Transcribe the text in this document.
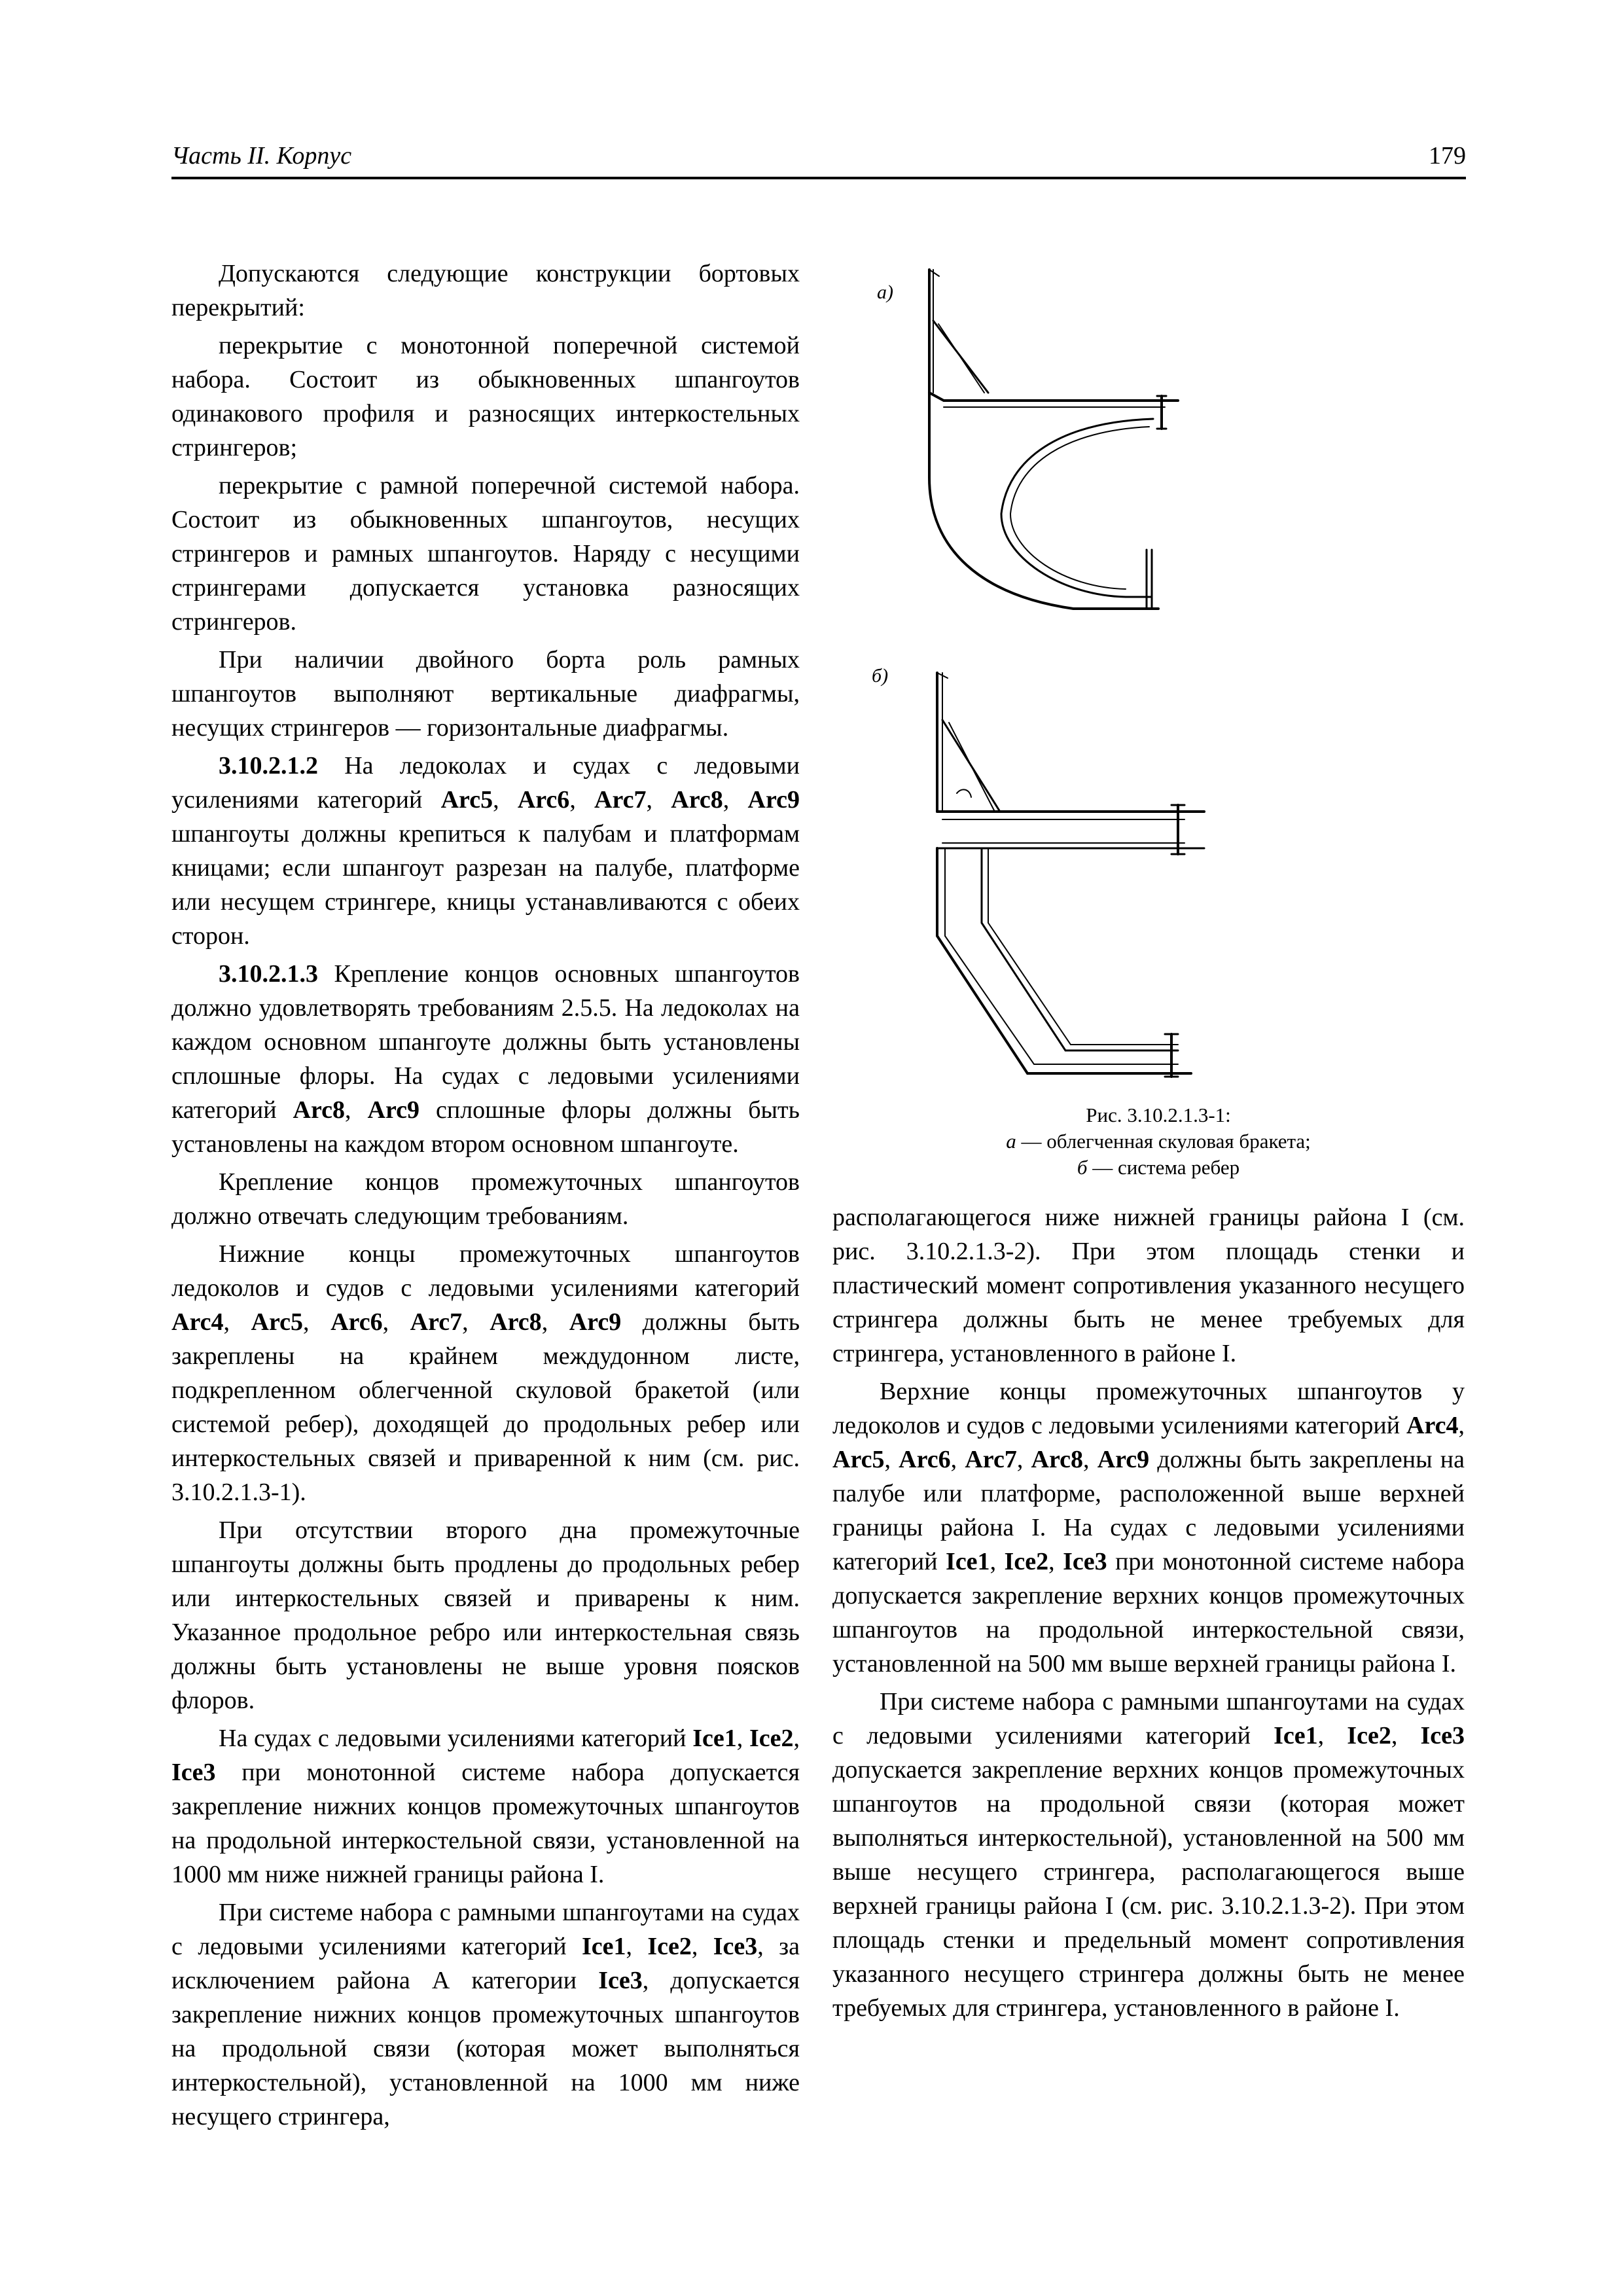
Часть II. Корпус	179

Допускаются следующие конструкции бортовых перекрытий:

перекрытие с монотонной поперечной системой набора. Состоит из обыкновенных шпангоутов одинакового профиля и разносящих интеркостельных стрингеров;

перекрытие с рамной поперечной системой набора. Состоит из обыкновенных шпангоутов, несущих стрингеров и рамных шпангоутов. Наряду с несущими стрингерами допускается установка разносящих стрингеров.

При наличии двойного борта роль рамных шпангоутов выполняют вертикальные диафрагмы, несущих стрингеров — горизонтальные диафрагмы.

3.10.2.1.2 На ледоколах и судах с ледовыми усилениями категорий Arc5, Arc6, Arc7, Arc8, Arc9 шпангоуты должны крепиться к палубам и платформам кницами; если шпангоут разрезан на палубе, платформе или несущем стрингере, кницы устанавливаются с обеих сторон.

3.10.2.1.3 Крепление концов основных шпангоутов должно удовлетворять требованиям 2.5.5. На ледоколах на каждом основном шпангоуте должны быть установлены сплошные флоры. На судах с ледовыми усилениями категорий Arc8, Arc9 сплошные флоры должны быть установлены на каждом втором основном шпангоуте.

Крепление концов промежуточных шпангоутов должно отвечать следующим требованиям.

Нижние концы промежуточных шпангоутов ледоколов и судов с ледовыми усилениями категорий Arc4, Arc5, Arc6, Arc7, Arc8, Arc9 должны быть закреплены на крайнем междудонном листе, подкрепленном облегченной скуловой бракетой (или системой ребер), доходящей до продольных ребер или интеркостельных связей и приваренной к ним (см. рис. 3.10.2.1.3-1).

При отсутствии второго дна промежуточные шпангоуты должны быть продлены до продольных ребер или интеркостельных связей и приварены к ним. Указанное продольное ребро или интеркостельная связь должны быть установлены не выше уровня поясков флоров.

На судах с ледовыми усилениями категорий Ice1, Ice2, Ice3 при монотонной системе набора допускается закрепление нижних концов промежуточных шпангоутов на продольной интеркостельной связи, установленной на 1000 мм ниже нижней границы района I.

При системе набора с рамными шпангоутами на судах с ледовыми усилениями категорий Ice1, Ice2, Ice3, за исключением района А категории Ice3, допускается закрепление нижних концов промежуточных шпангоутов на продольной связи (которая может выполняться интеркостельной), установленной на 1000 мм ниже несущего стрингера,

а)
б)
Рис. 3.10.2.1.3-1:
а — облегченная скуловая бракета;
б — система ребер

располагающегося ниже нижней границы района I (см. рис. 3.10.2.1.3-2). При этом площадь стенки и пластический момент сопротивления указанного несущего стрингера должны быть не менее требуемых для стрингера, установленного в районе I.

Верхние концы промежуточных шпангоутов у ледоколов и судов с ледовыми усилениями категорий Arc4, Arc5, Arc6, Arc7, Arc8, Arc9 должны быть закреплены на палубе или платформе, расположенной выше верхней границы района I. На судах с ледовыми усилениями категорий Ice1, Ice2, Ice3 при монотонной системе набора допускается закрепление верхних концов промежуточных шпангоутов на продольной интеркостельной связи, установленной на 500 мм выше верхней границы района I.

При системе набора с рамными шпангоутами на судах с ледовыми усилениями категорий Ice1, Ice2, Ice3 допускается закрепление верхних концов промежуточных шпангоутов на продольной связи (которая может выполняться интеркостельной), установленной на 500 мм выше несущего стрингера, располагающегося выше верхней границы района I (см. рис. 3.10.2.1.3-2). При этом площадь стенки и предельный момент сопротивления указанного несущего стрингера должны быть не менее требуемых для стрингера, установленного в районе I.
